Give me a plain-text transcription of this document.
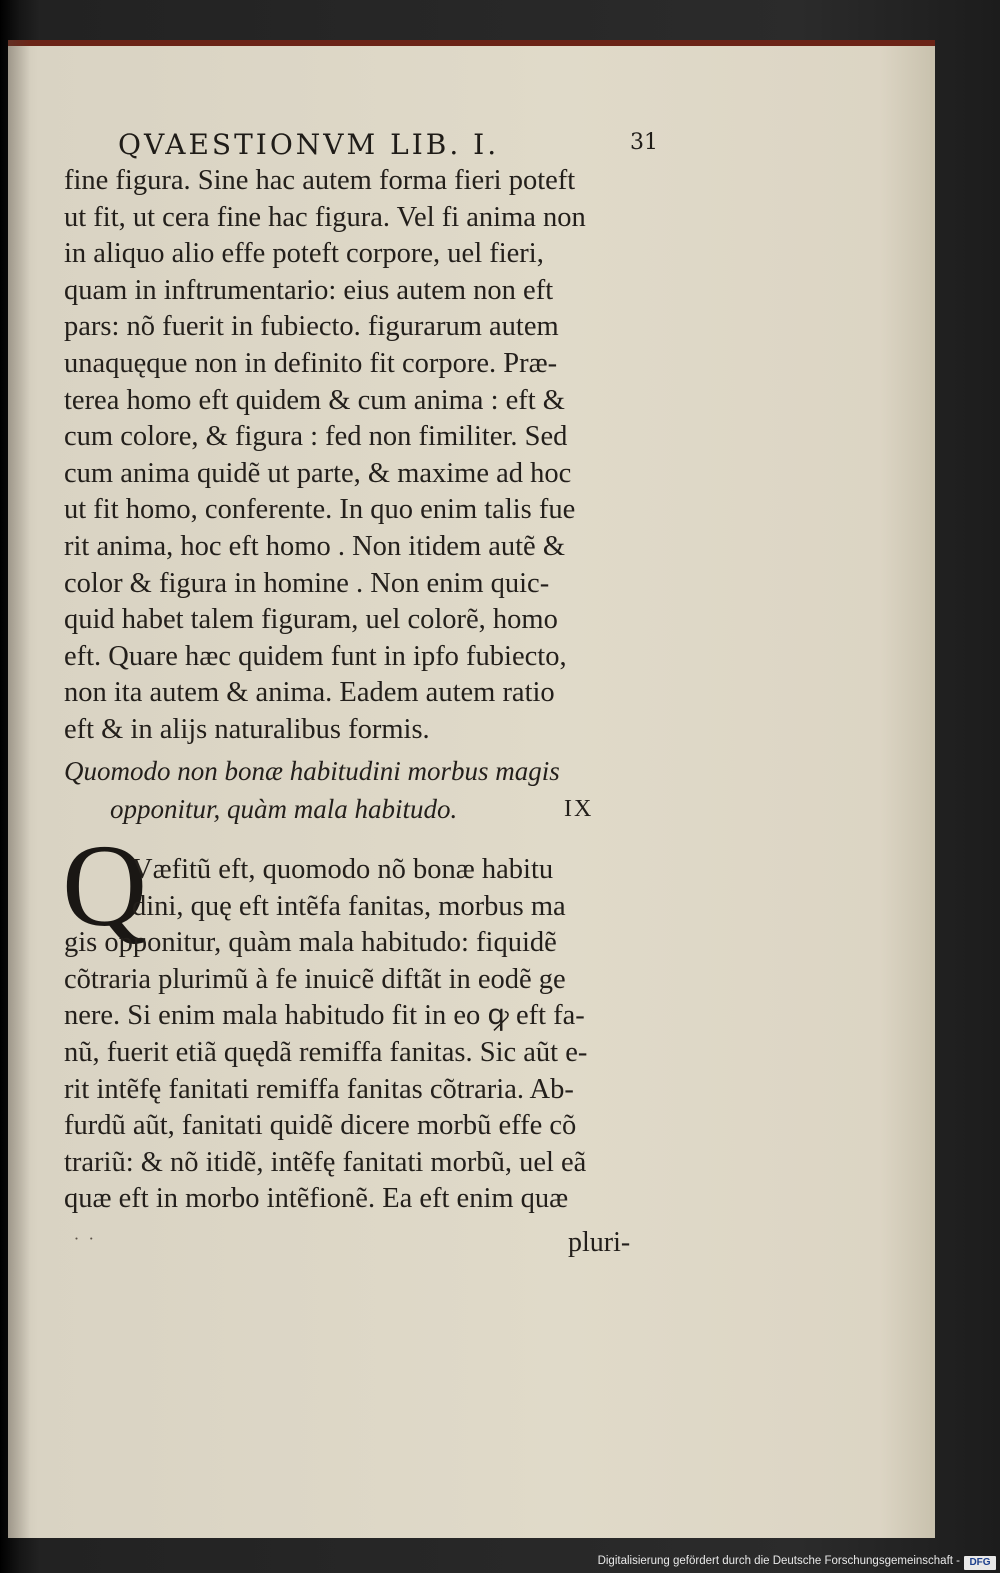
QVAESTIONVM LIB. I.	31
fine figura. Sine hac autem forma fieri poteft
ut fit, ut cera fine hac figura. Vel fi anima non
in aliquo alio effe poteft corpore, uel fieri,
quam in inftrumentario: eius autem non eft
pars: nõ fuerit in fubiecto. figurarum autem
unaquęque non in definito fit corpore. Præ-
terea homo eft quidem & cum anima : eft &
cum colore, & figura : fed non fimiliter. Sed
cum anima quidẽ ut parte, & maxime ad hoc
ut fit homo, conferente. In quo enim talis fue
rit anima, hoc eft homo . Non itidem autẽ &
color & figura in homine . Non enim quic-
quid habet talem figuram, uel colorẽ, homo
eft. Quare hæc quidem funt in ipfo fubiecto,
non ita autem & anima. Eadem autem ratio
eft & in alijs naturalibus formis.
Quomodo non bonæ habitudini morbus magis
opponitur, quàm mala habitudo.	IX
Q
Væfitũ eft, quomodo nõ bonæ habitu
dini, quę eft intẽfa fanitas, morbus ma
gis opponitur, quàm mala habitudo: fiquidẽ
cõtraria plurimũ à fe inuicẽ diftãt in eodẽ ge
nere. Si enim mala habitudo fit in eo ꝙ eft fa-
nũ, fuerit etiã quędã remiffa fanitas. Sic aũt e-
rit intẽfę fanitati remiffa fanitas cõtraria. Ab-
furdũ aũt, fanitati quidẽ dicere morbũ effe cõ
trariũ: & nõ itidẽ, intẽfę fanitati morbũ, uel eã
quæ eft in morbo intẽfionẽ. Ea eft enim quæ
pluri-
˙ ˙
Digitalisierung gefördert durch die Deutsche Forschungsgemeinschaft - DFG
